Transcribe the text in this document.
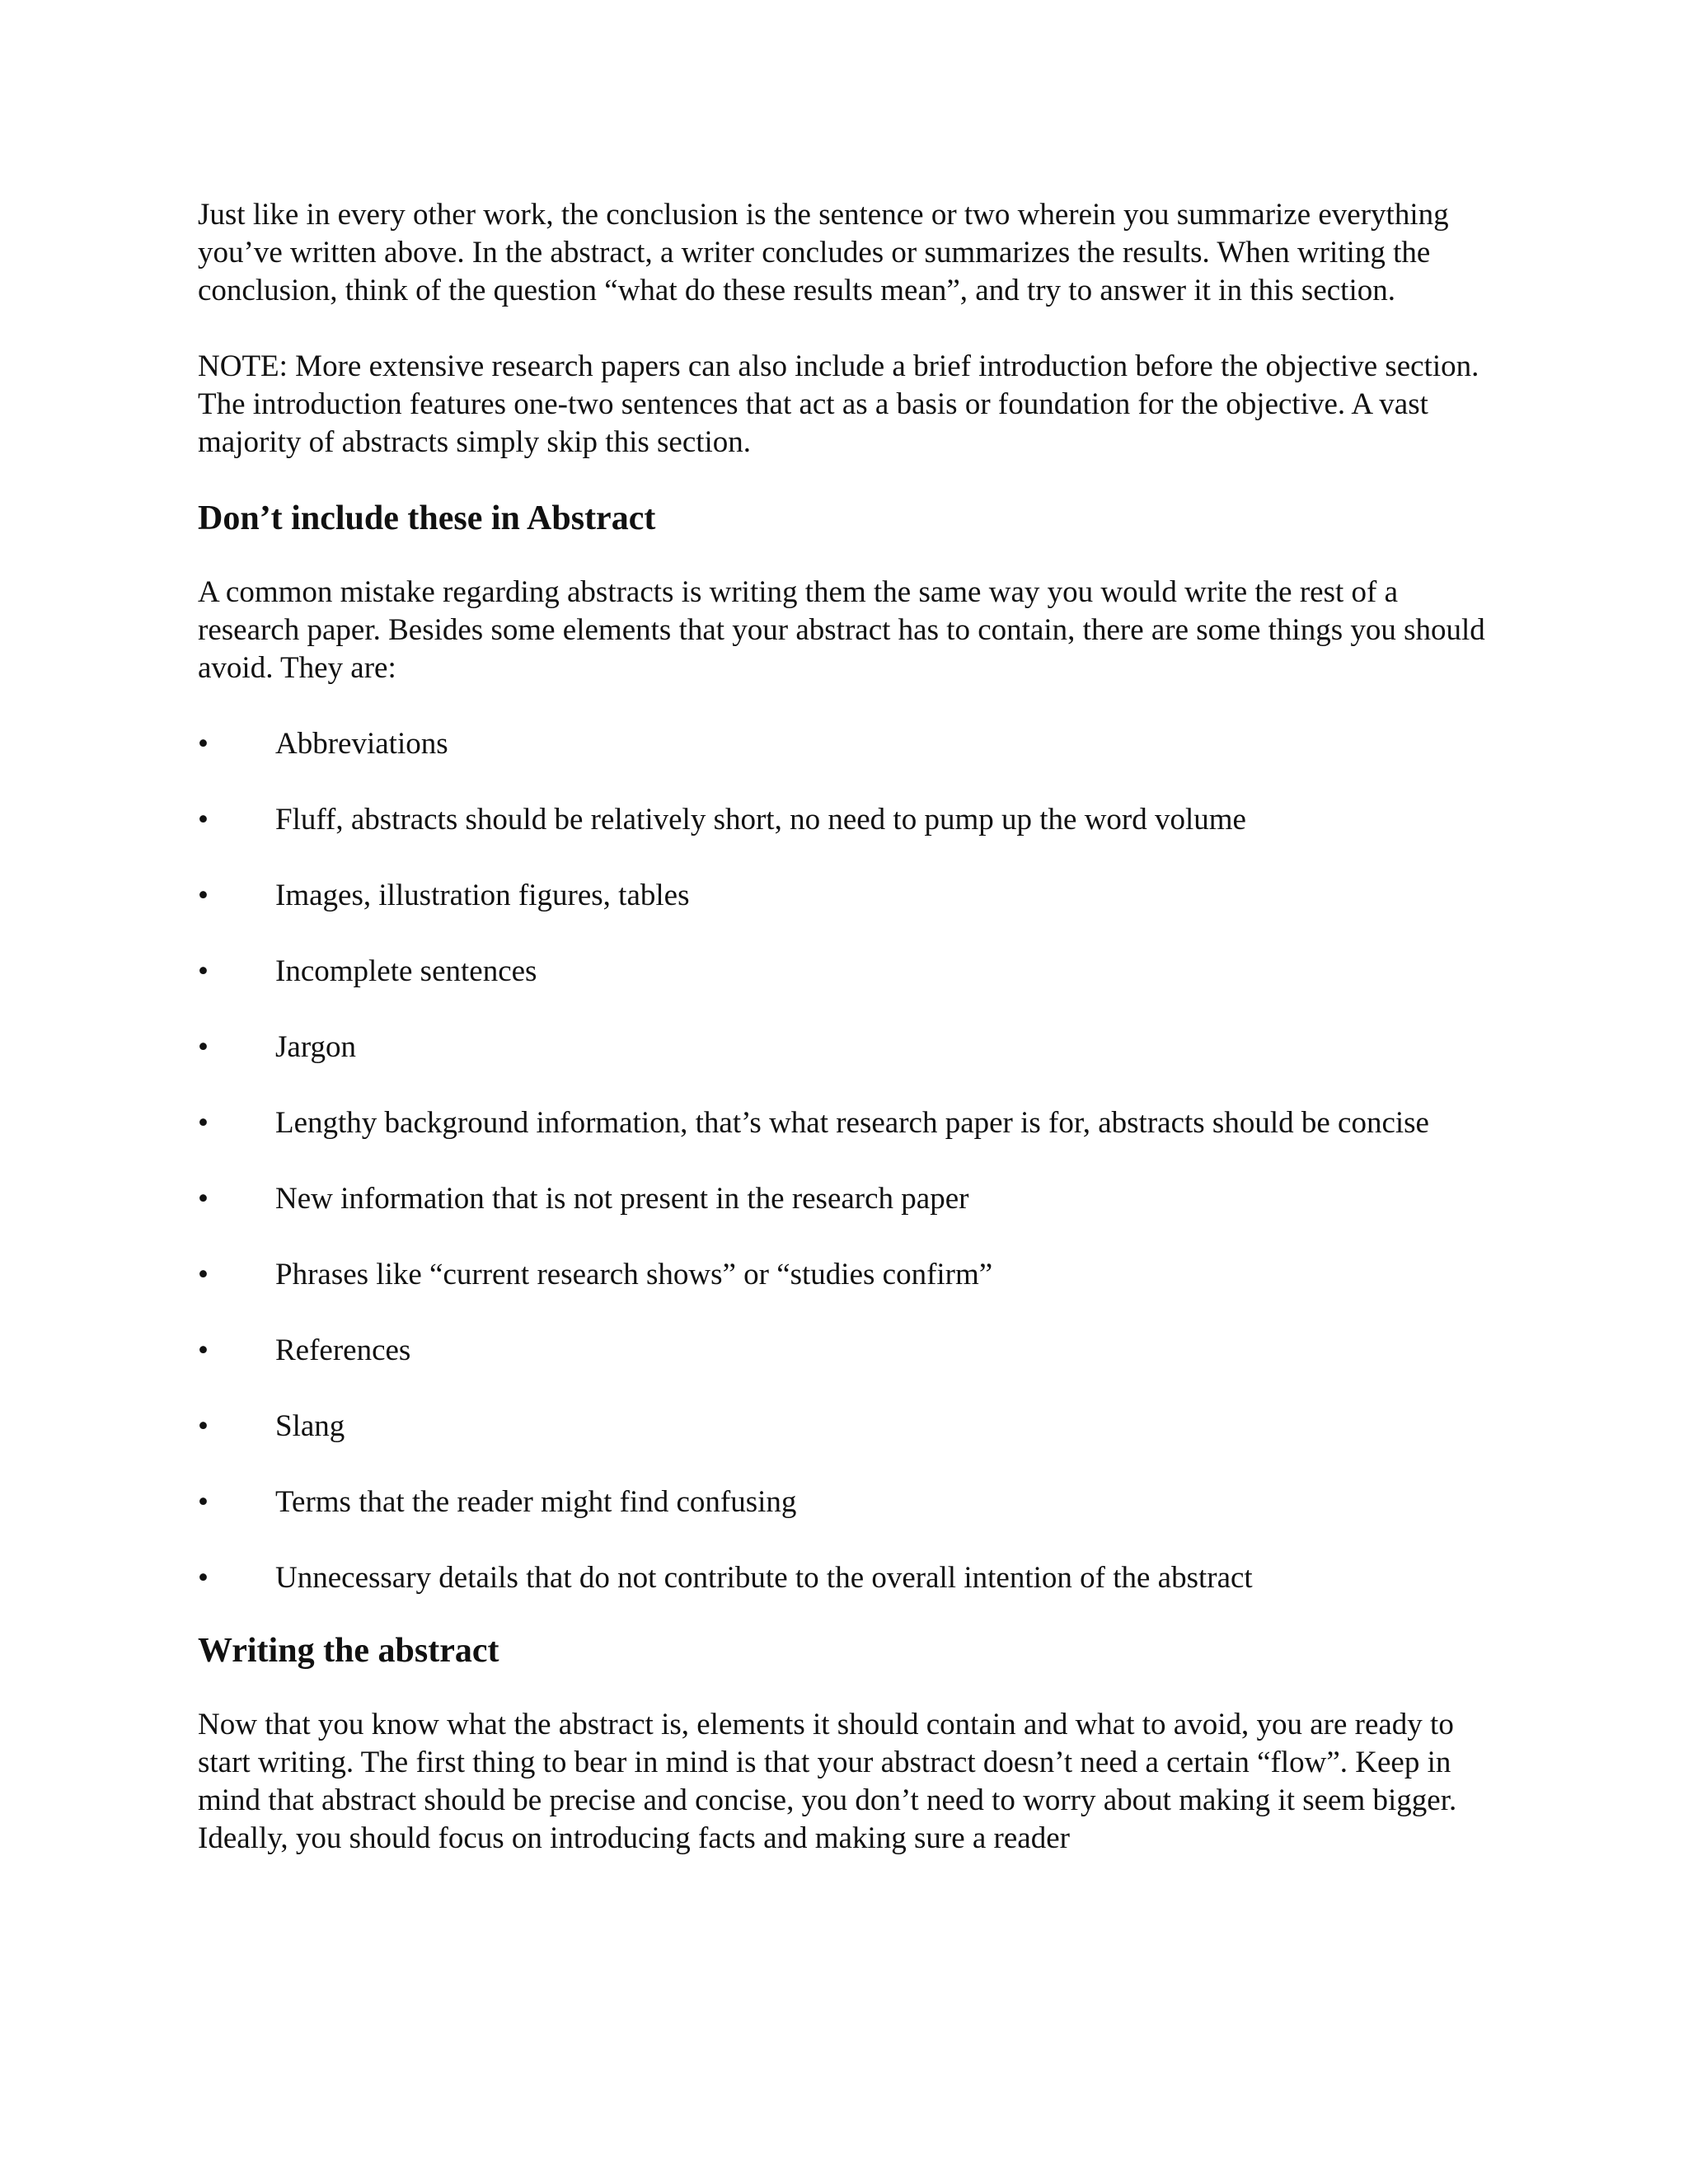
Just like in every other work, the conclusion is the sentence or two wherein you summarize everything you’ve written above. In the abstract, a writer concludes or summarizes the results. When writing the conclusion, think of the question “what do these results mean”, and try to answer it in this section.

NOTE: More extensive research papers can also include a brief introduction before the objective section. The introduction features one-two sentences that act as a basis or foundation for the objective. A vast majority of abstracts simply skip this section.

Don’t include these in Abstract

A common mistake regarding abstracts is writing them the same way you would write the rest of a research paper. Besides some elements that your abstract has to contain, there are some things you should avoid. They are:

• Abbreviations

• Fluff, abstracts should be relatively short, no need to pump up the word volume

• Images, illustration figures, tables

• Incomplete sentences

• Jargon

• Lengthy background information, that’s what research paper is for, abstracts should be concise

• New information that is not present in the research paper

• Phrases like “current research shows” or “studies confirm”

• References

• Slang

• Terms that the reader might find confusing

• Unnecessary details that do not contribute to the overall intention of the abstract

Writing the abstract

Now that you know what the abstract is, elements it should contain and what to avoid, you are ready to start writing. The first thing to bear in mind is that your abstract doesn’t need a certain “flow”. Keep in mind that abstract should be precise and concise, you don’t need to worry about making it seem bigger. Ideally, you should focus on introducing facts and making sure a reader
